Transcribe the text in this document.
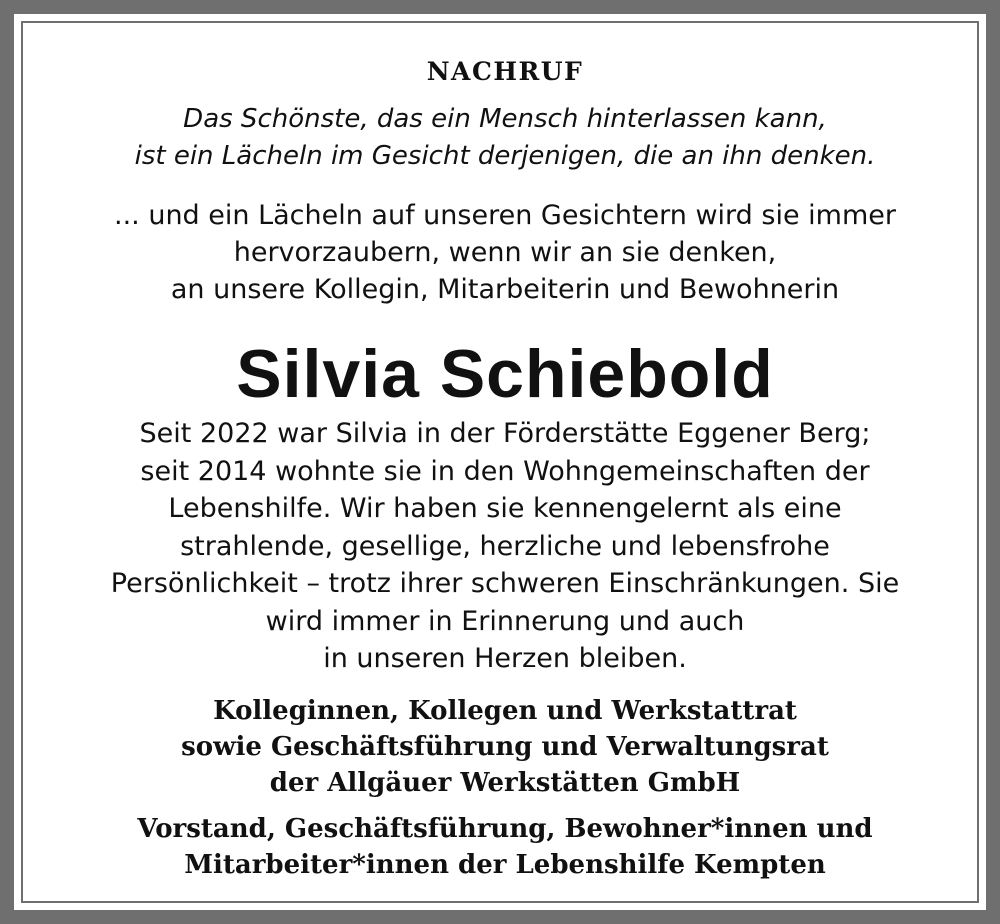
NACHRUF
Das Schönste, das ein Mensch hinterlassen kann,
ist ein Lächeln im Gesicht derjenigen, die an ihn denken.
... und ein Lächeln auf unseren Gesichtern wird sie immer
hervorzaubern, wenn wir an sie denken,
an unsere Kollegin, Mitarbeiterin und Bewohnerin
Silvia Schiebold
Seit 2022 war Silvia in der Förderstätte Eggener Berg;
seit 2014 wohnte sie in den Wohngemeinschaften der
Lebenshilfe. Wir haben sie kennengelernt als eine
strahlende, gesellige, herzliche und lebensfrohe
Persönlichkeit – trotz ihrer schweren Einschränkungen. Sie
wird immer in Erinnerung und auch
in unseren Herzen bleiben.
Kolleginnen, Kollegen und Werkstattrat
sowie Geschäftsführung und Verwaltungsrat
der Allgäuer Werkstätten GmbH
Vorstand, Geschäftsführung, Bewohner*innen und
Mitarbeiter*innen der Lebenshilfe Kempten
